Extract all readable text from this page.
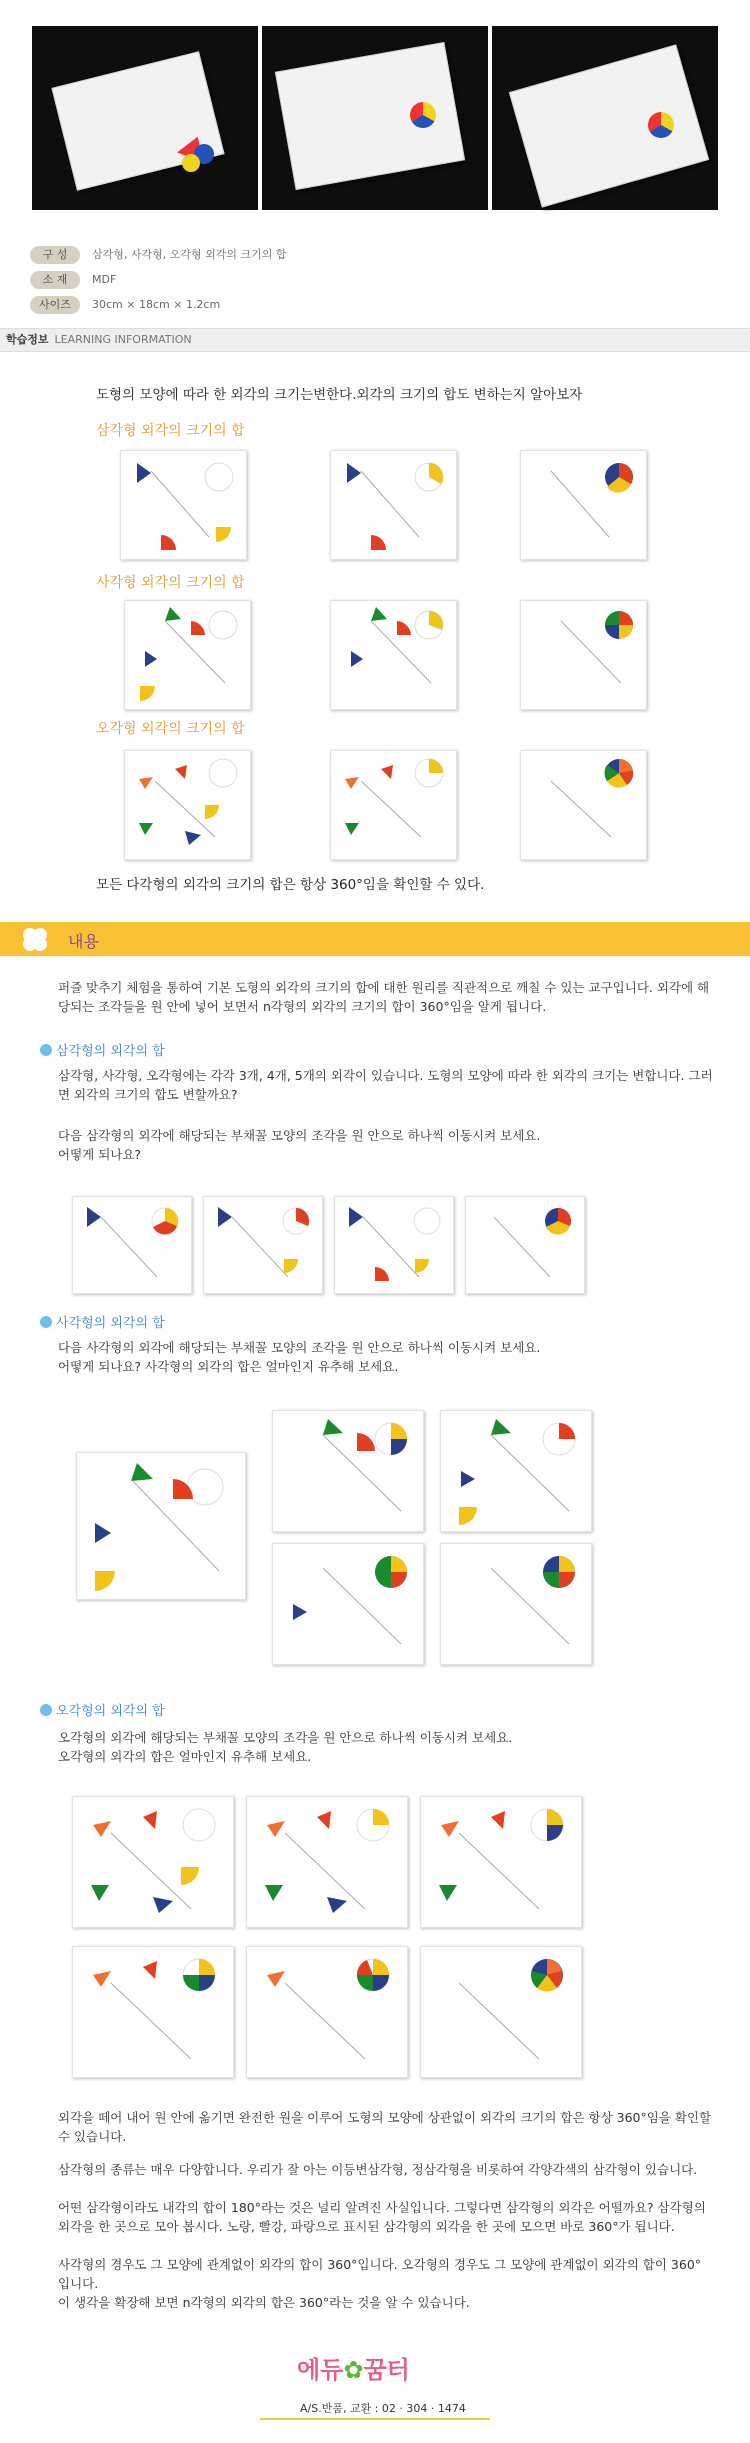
구 성 삼각형, 사각형, 오각형 외각의 크기의 합
소 재 MDF
사이즈 30cm × 18cm × 1.2cm
학습정보 LEARNING INFORMATION
도형의 모양에 따라 한 외각의 크기는변한다.외각의 크기의 합도 변하는지 알아보자
삼각형 외각의 크기의 합
사각형 외각의 크기의 합
오각형 외각의 크기의 합
모든 다각형의 외각의 크기의 합은 항상 360°임을 확인할 수 있다.
내용
퍼즐 맞추기 체험을 통하여 기본 도형의 외각의 크기의 합에 대한 원리를 직관적으로 깨칠 수 있는 교구입니다. 외각에 해당되는 조각들을 원 안에 넣어 보면서 n각형의 외각의 크기의 합이 360°임을 알게 됩니다.
삼각형의 외각의 합
삼각형, 사각형, 오각형에는 각각 3개, 4개, 5개의 외각이 있습니다. 도형의 모양에 따라 한 외각의 크기는 변합니다. 그러면 외각의 크기의 합도 변할까요?
다음 삼각형의 외각에 해당되는 부채꼴 모양의 조각을 원 안으로 하나씩 이동시켜 보세요.
어떻게 되나요?
사각형의 외각의 합
다음 사각형의 외각에 해당되는 부채꼴 모양의 조각을 원 안으로 하나씩 이동시켜 보세요.
어떻게 되나요? 사각형의 외각의 합은 얼마인지 유추해 보세요.
오각형의 외각의 합
오각형의 외각에 해당되는 부채꼴 모양의 조각을 원 안으로 하나씩 이동시켜 보세요.
오각형의 외각의 합은 얼마인지 유추해 보세요.
외각을 떼어 내어 원 안에 옮기면 완전한 원을 이루어 도형의 모양에 상관없이 외각의 크기의 합은 항상 360°임을 확인할 수 있습니다.
삼각형의 종류는 매우 다양합니다. 우리가 잘 아는 이등변삼각형, 정삼각형을 비롯하여 각양각색의 삼각형이 있습니다.
어떤 삼각형이라도 내각의 합이 180°라는 것은 널리 알려진 사실입니다. 그렇다면 삼각형의 외각은 어떨까요? 삼각형의 외각을 한 곳으로 모아 봅시다. 노랑, 빨강, 파랑으로 표시된 삼각형의 외각을 한 곳에 모으면 바로 360°가 됩니다.
사각형의 경우도 그 모양에 관계없이 외각의 합이 360°입니다. 오각형의 경우도 그 모양에 관계없이 외각의 합이 360°입니다.
이 생각을 확장해 보면 n각형의 외각의 합은 360°라는 것을 알 수 있습니다.
에듀✿꿈터
A/S.반품, 교환 : 02 · 304 · 1474
